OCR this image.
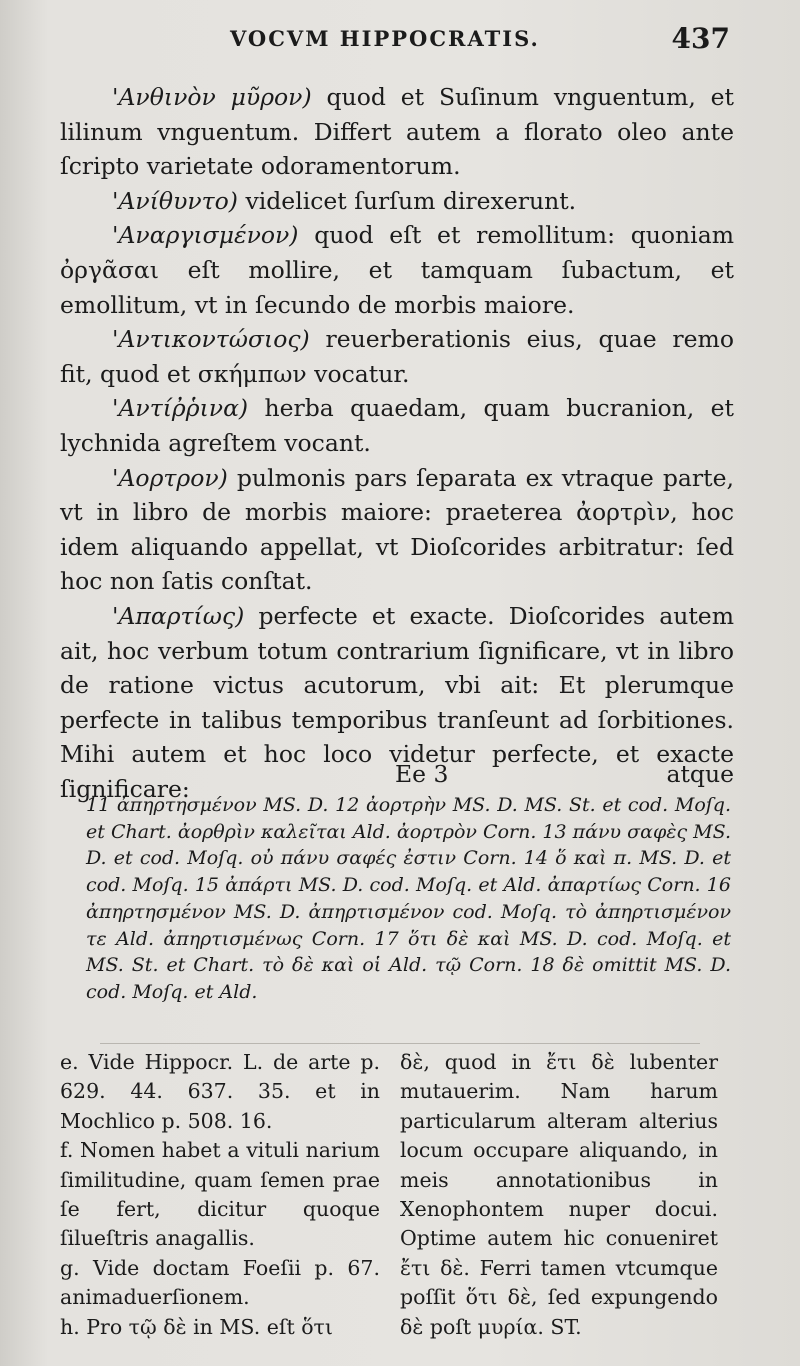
VOCVM HIPPOCRATIS.	437

'Ανθινὸν μῦρον) quod et Suſinum vnguentum, et lilinum vnguentum. Differt autem a florato oleo ante ſcripto varietate odoramentorum.

'Ανίθυντο) videlicet ſurſum direxerunt.

'Αναργισμένον) quod eſt et remollitum: quoniam ὀργᾶσαι eſt mollire, et tamquam ſubactum, et emollitum, vt in ſecundo de morbis maiore.

'Αντικοντώσιος) reuerberationis eius, quae remo fit, quod et σκήμπων vocatur.

'Αντίῤῥινα) herba quaedam, quam bucranion, et lychnida agreſtem vocant.

'Αορτρον) pulmonis pars ſeparata ex vtraque parte, vt in libro de morbis maiore: praeterea ἀορτρὶν, hoc idem aliquando appellat, vt Dioſcorides arbitratur: ſed hoc non ſatis conſtat.

'Απαρτίως) perfecte et exacte. Dioſcorides autem ait, hoc verbum totum contrarium ſignificare, vt in libro de ratione victus acutorum, vbi ait: Et plerumque perfecte in talibus temporibus tranſeunt ad ſorbitiones. Mihi autem et hoc loco videtur perfecte, et exacte ſignificare:

Ee 3	atque

11 ἀπηρτησμένον MS. D. 12 ἀορτρὴν MS. D. MS. St. et cod. Moſq. et Chart. ἀορθρὶν καλεῖται Ald. ἀορτρὸν Corn. 13 πάνυ σαφὲς MS. D. et cod. Moſq. οὐ πάνυ σαφές ἐστιν Corn. 14 ὅ καὶ π. MS. D. et cod. Moſq. 15 ἀπάρτι MS. D. cod. Moſq. et Ald. ἀπαρτίως Corn. 16 ἀπηρτησμένον MS. D. ἀπηρτισμένον cod. Moſq. τὸ ἀπηρτισμένον τε Ald. ἀπηρτισμένως Corn. 17 ὅτι δὲ καὶ MS. D. cod. Moſq. et MS. St. et Chart. τὸ δὲ καὶ οἱ Ald. τῷ Corn. 18 δὲ omittit MS. D. cod. Moſq. et Ald.

e. Vide Hippocr. L. de arte p. 629. 44. 637. 35. et in Mochlico p. 508. 16.

f. Nomen habet a vituli narium ſimilitudine, quam ſemen prae ſe fert, dicitur quoque ſilueſtris anagallis.

g. Vide doctam Foeſii p. 67. animaduerſionem.

h. Pro τῷ δὲ in MS. eſt ὅτι

δὲ, quod in ἔτι δὲ lubenter mutauerim. Nam harum particularum alteram alterius locum occupare aliquando, in meis annotationibus in Xenophontem nuper docui. Optime autem hic conueniret ἔτι δὲ. Ferri tamen vtcumque poſſit ὅτι δὲ, ſed expungendo δὲ poſt μυρία. ST.
